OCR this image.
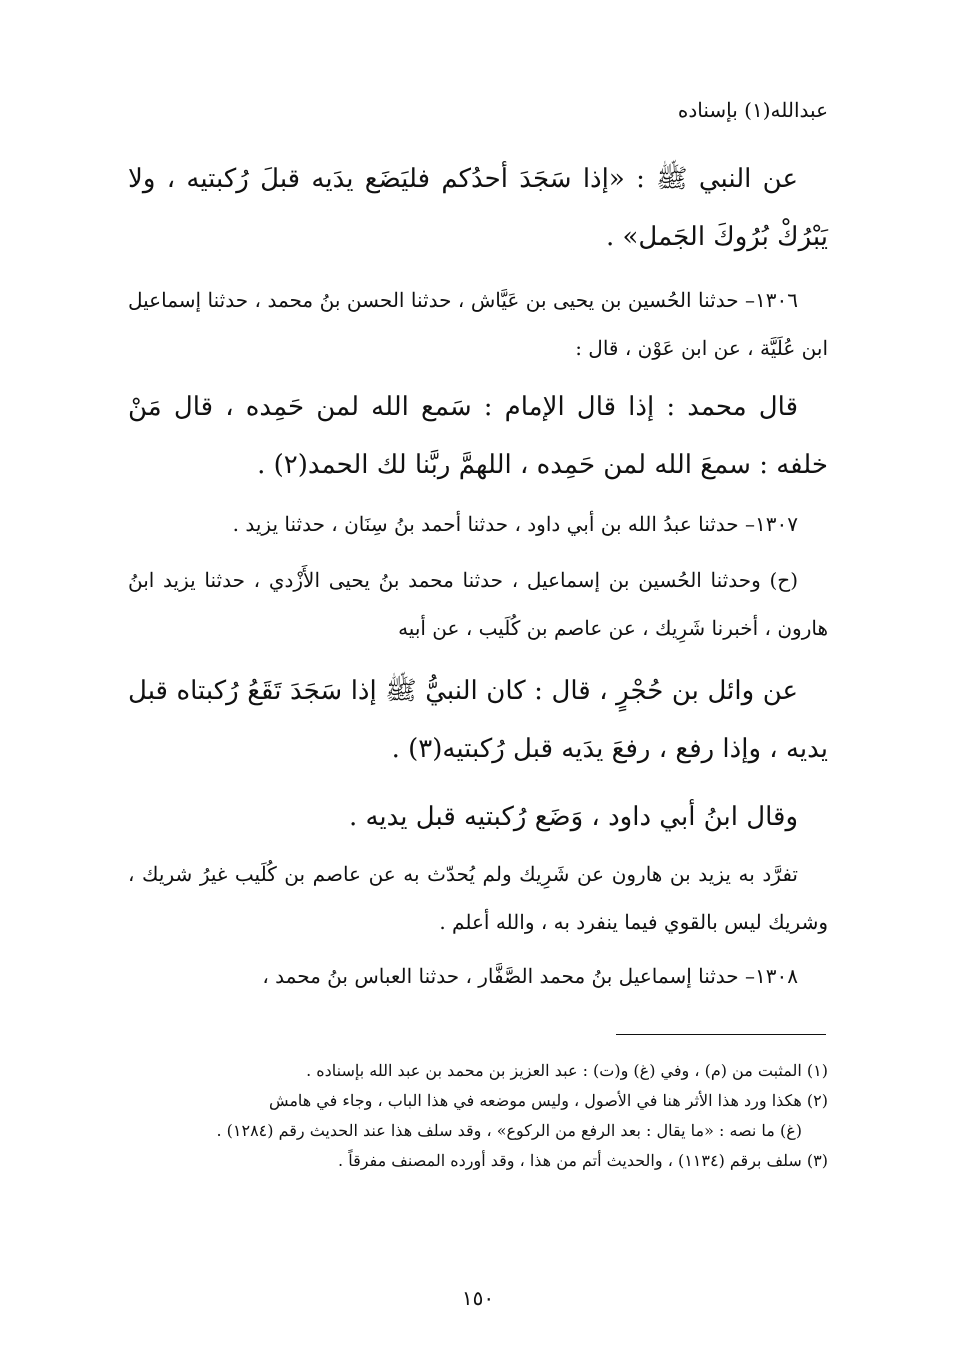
عبدالله(١) بإسناده

عن النبي ﷺ : «إذا سَجَدَ أحدُكم فليَضَع يدَيه قبلَ رُكبتيه ، ولا يَبْرُكْ بُرُوكَ الجَمل» .

١٣٠٦– حدثنا الحُسين بن يحيى بن عَيَّاش ، حدثنا الحسن بنُ محمد ، حدثنا إسماعيل ابن عُلَيَّة ، عن ابن عَوْن ، قال :

قال محمد : إذا قال الإمام : سَمع الله لمن حَمِده ، قال مَنْ خلفه : سمعَ الله لمن حَمِده ، اللهمَّ ربَّنا لك الحمد(٢) .

١٣٠٧– حدثنا عبدُ الله بن أبي داود ، حدثنا أحمد بنُ سِنَان ، حدثنا يزيد .

(ح) وحدثنا الحُسين بن إسماعيل ، حدثنا محمد بنُ يحيى الأَزْدي ، حدثنا يزيد ابنُ هارون ، أخبرنا شَرِيك ، عن عاصم بن كُلَيب ، عن أبيه

عن وائل بن حُجْرٍ ، قال : كان النبيُّ ﷺ إذا سَجَدَ تَقَعُ رُكبتاه قبل يديه ، وإذا رفع ، رفعَ يدَيه قبل رُكبتيه(٣) .

وقال ابنُ أبي داود ، وَضَع رُكبتيه قبل يديه .

تفرَّد به يزيد بن هارون عن شَرِيك ولم يُحدّث به عن عاصم بن كُلَيب غيرُ شريك ، وشريك ليس بالقوي فيما ينفرد به ، والله أعلم .

١٣٠٨– حدثنا إسماعيل بنُ محمد الصَّفَّار ، حدثنا العباس بنُ محمد ،

(١) المثبت من (م) ، وفي (غ) و(ت) : عبد العزيز بن محمد بن عبد الله بإسناده .

(٢) هكذا ورد هذا الأثر هنا في الأصول ، وليس موضعه في هذا الباب ، وجاء في هامش

(غ) ما نصه : «ما يقال : بعد الرفع من الركوع» ، وقد سلف هذا عند الحديث رقم (١٢٨٤) .

(٣) سلف برقم (١١٣٤) ، والحديث أتم من هذا ، وقد أورده المصنف مفرقاً .

١٥٠
